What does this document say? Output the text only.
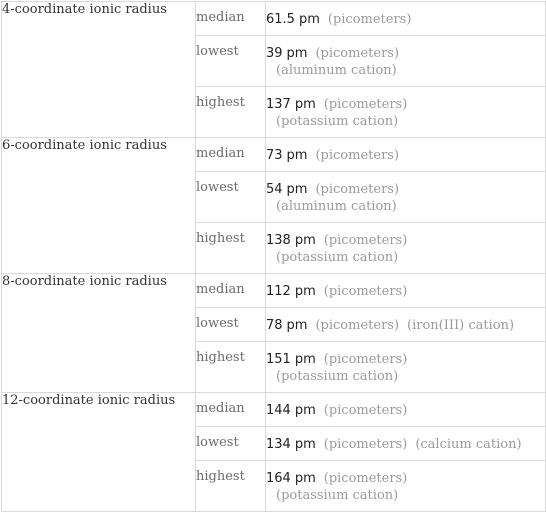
4-coordinate ionic radius	median	61.5 pm (picometers)

	lowest	39 pm (picometers)
(aluminum cation)

	highest	137 pm (picometers)
(potassium cation)

6-coordinate ionic radius	median	73 pm (picometers)

	lowest	54 pm (picometers)
(aluminum cation)

	highest	138 pm (picometers)
(potassium cation)

8-coordinate ionic radius	median	112 pm (picometers)

	lowest	78 pm (picometers) (iron(III) cation)

	highest	151 pm (picometers)
(potassium cation)

12-coordinate ionic radius	median	144 pm (picometers)

	lowest	134 pm (picometers) (calcium cation)

	highest	164 pm (picometers)
(potassium cation)
